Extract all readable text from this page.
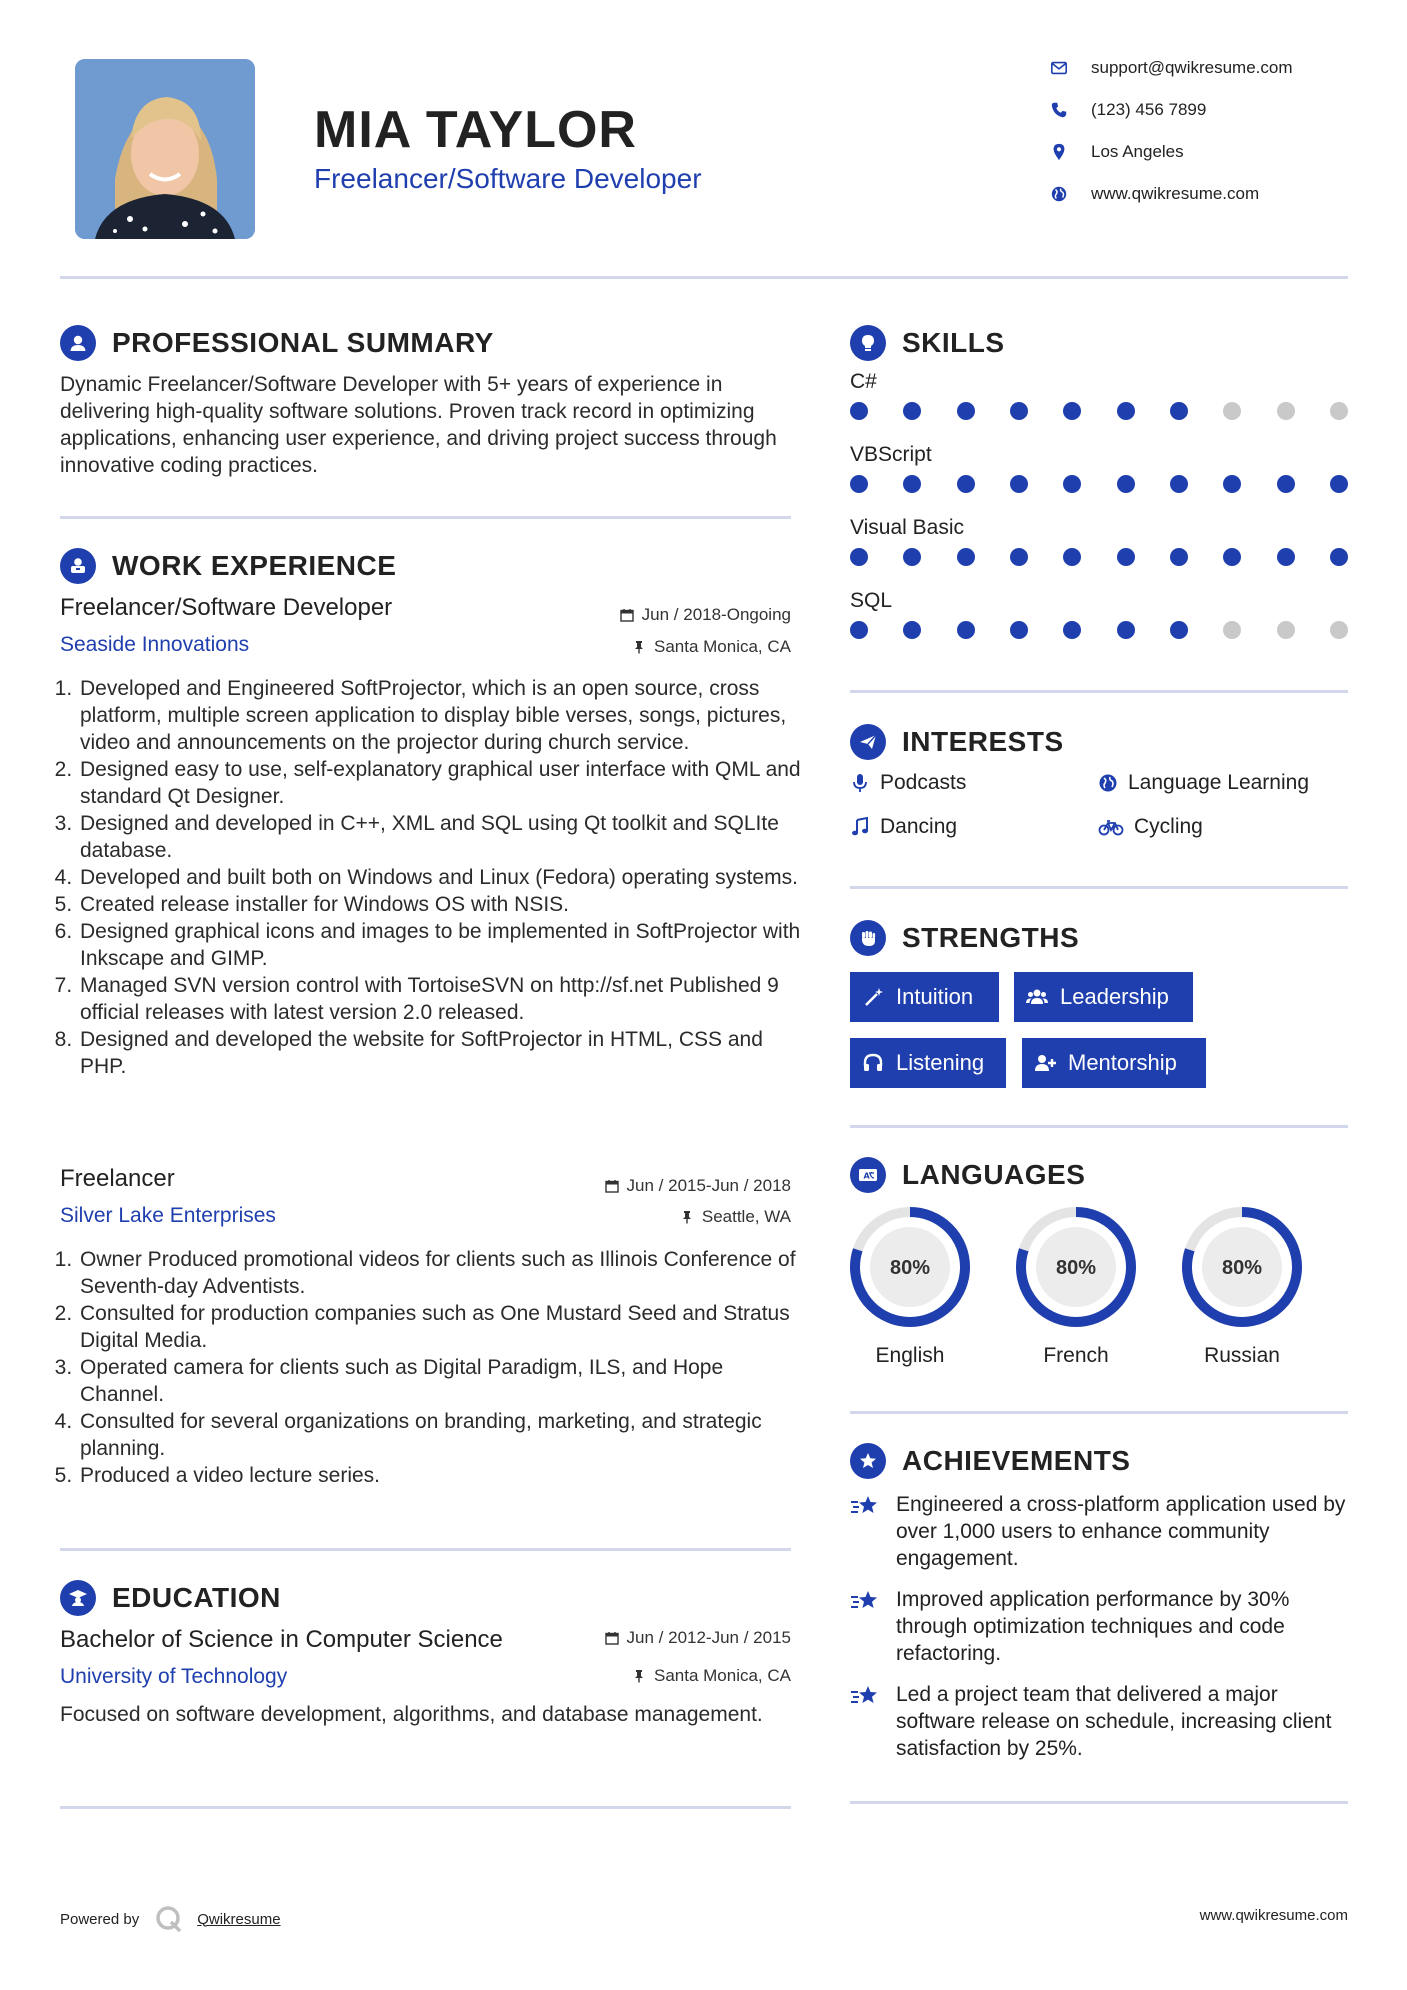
MIA TAYLOR
Freelancer/Software Developer
support@qwikresume.com
(123) 456 7899
Los Angeles
www.qwikresume.com
PROFESSIONAL SUMMARY
Dynamic Freelancer/Software Developer with 5+ years of experience in delivering high-quality software solutions. Proven track record in optimizing applications, enhancing user experience, and driving project success through innovative coding practices.
WORK EXPERIENCE
Freelancer/Software Developer
Seaside Innovations
Jun / 2018-Ongoing
Santa Monica, CA
1. Developed and Engineered SoftProjector, which is an open source, cross platform, multiple screen application to display bible verses, songs, pictures, video and announcements on the projector during church service.
2. Designed easy to use, self-explanatory graphical user interface with QML and standard Qt Designer.
3. Designed and developed in C++, XML and SQL using Qt toolkit and SQLIte database.
4. Developed and built both on Windows and Linux (Fedora) operating systems.
5. Created release installer for Windows OS with NSIS.
6. Designed graphical icons and images to be implemented in SoftProjector with Inkscape and GIMP.
7. Managed SVN version control with TortoiseSVN on http://sf.net Published 9 official releases with latest version 2.0 released.
8. Designed and developed the website for SoftProjector in HTML, CSS and PHP.
Freelancer
Silver Lake Enterprises
Jun / 2015-Jun / 2018
Seattle, WA
1. Owner Produced promotional videos for clients such as Illinois Conference of Seventh-day Adventists.
2. Consulted for production companies such as One Mustard Seed and Stratus Digital Media.
3. Operated camera for clients such as Digital Paradigm, ILS, and Hope Channel.
4. Consulted for several organizations on branding, marketing, and strategic planning.
5. Produced a video lecture series.
EDUCATION
Bachelor of Science in Computer Science
University of Technology
Jun / 2012-Jun / 2015
Santa Monica, CA
Focused on software development, algorithms, and database management.
SKILLS
C#
VBScript
Visual Basic
SQL
INTERESTS
Podcasts	Language Learning
Dancing	Cycling
STRENGTHS
Intuition	Leadership
Listening	Mentorship
A LANGUAGES
80%
English
80%
French
80%
Russian
ACHIEVEMENTS
Engineered a cross-platform application used by over 1,000 users to enhance community engagement.
Improved application performance by 30% through optimization techniques and code refactoring.
Led a project team that delivered a major software release on schedule, increasing client satisfaction by 25%.
Powered by	Qwikresume	www.qwikresume.com
